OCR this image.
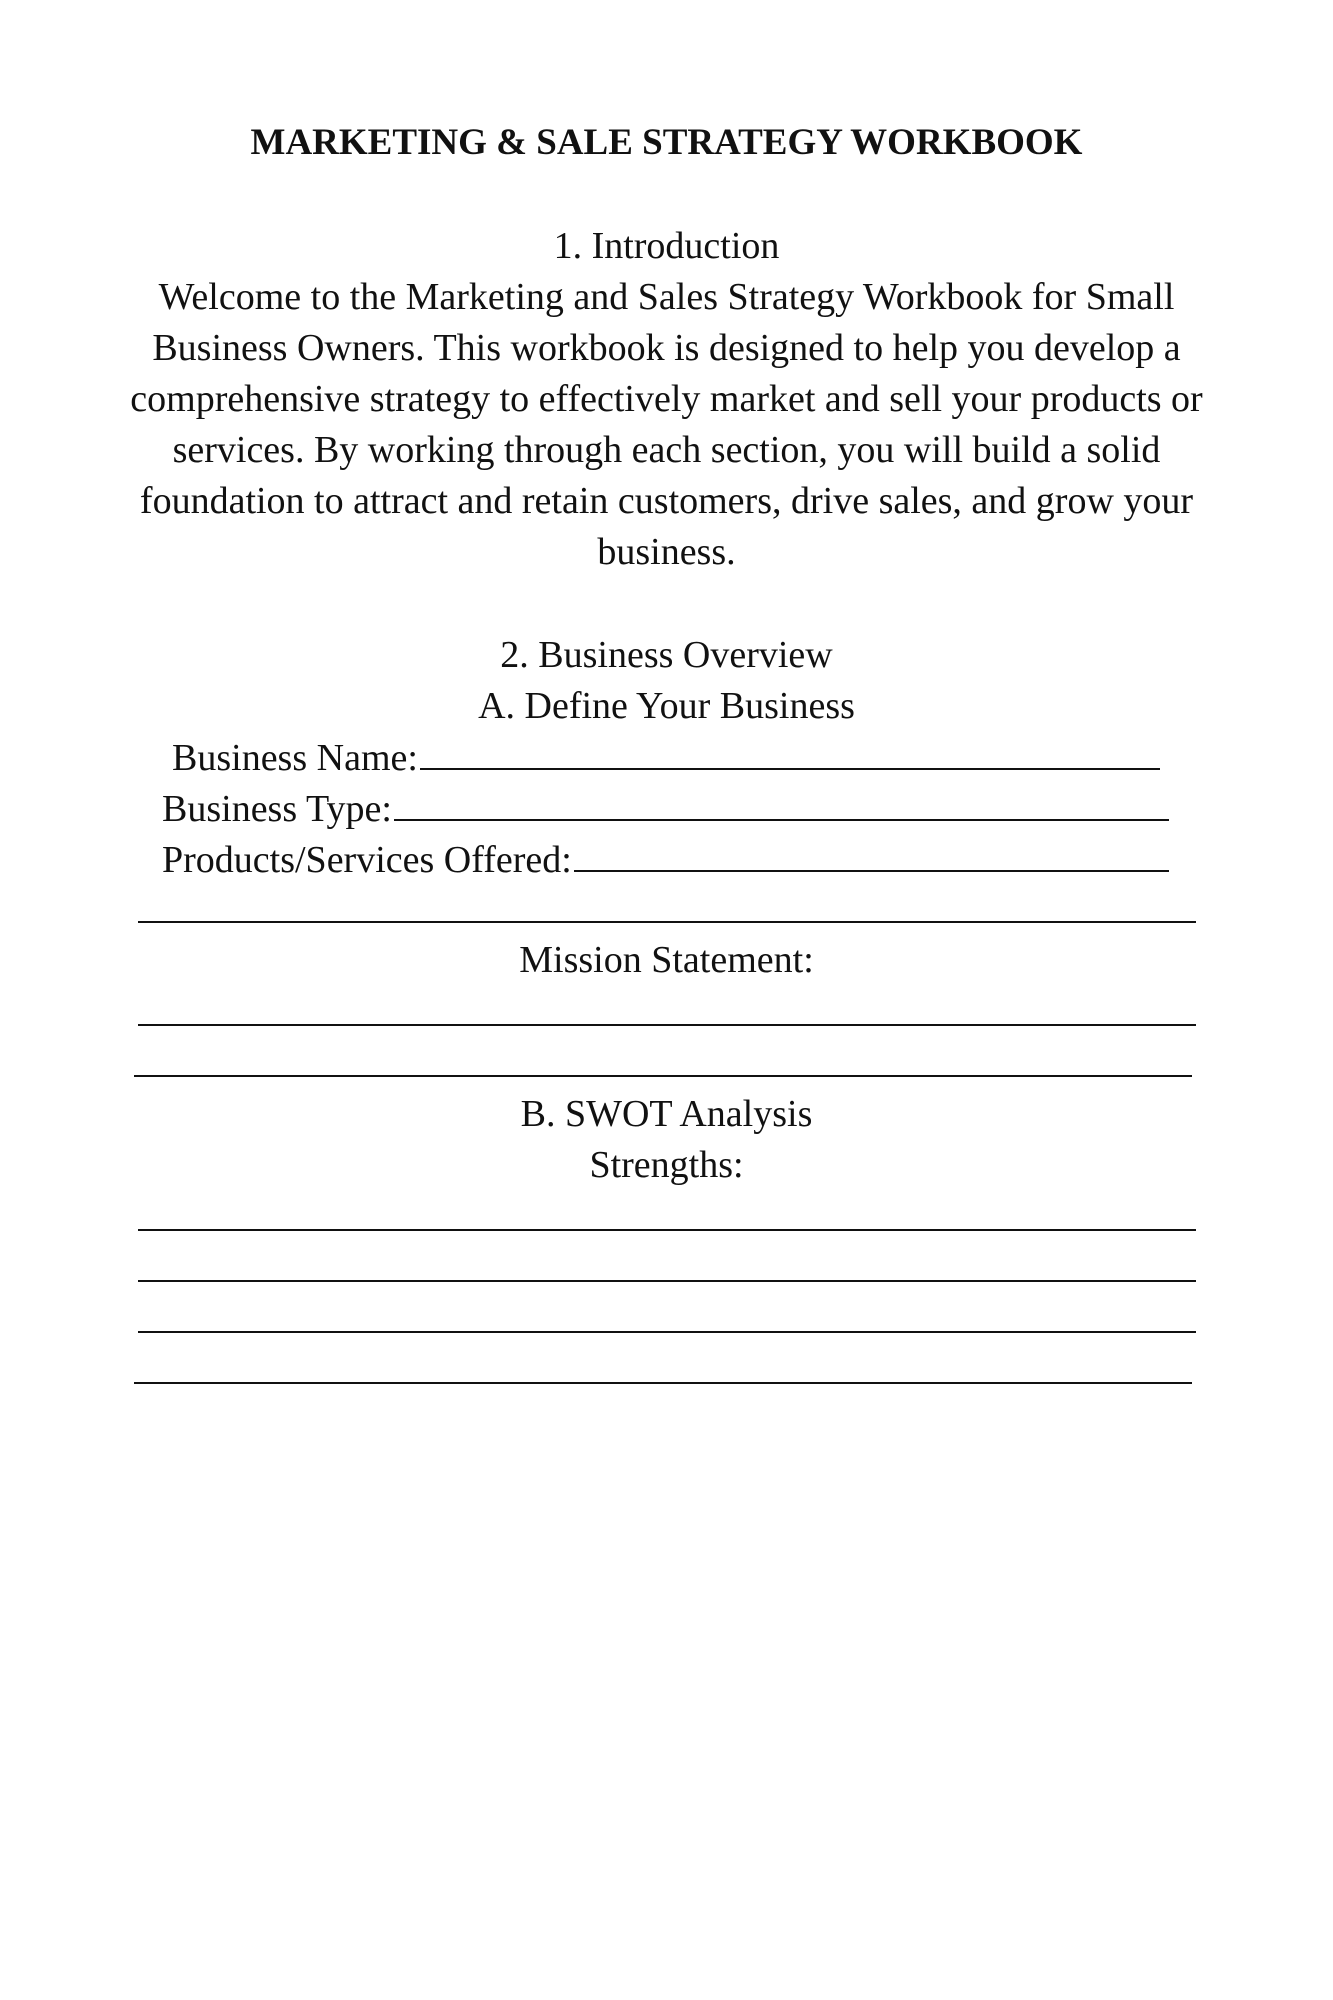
MARKETING & SALE STRATEGY WORKBOOK
1. Introduction

Welcome to the Marketing and Sales Strategy Workbook for Small Business Owners. This workbook is designed to help you develop a comprehensive strategy to effectively market and sell your products or services. By working through each section, you will build a solid foundation to attract and retain customers, drive sales, and grow your business.

2. Business Overview
A. Define Your Business
Business Name:
Business Type:
Products/Services Offered:
Mission Statement:
B. SWOT Analysis
Strengths:
